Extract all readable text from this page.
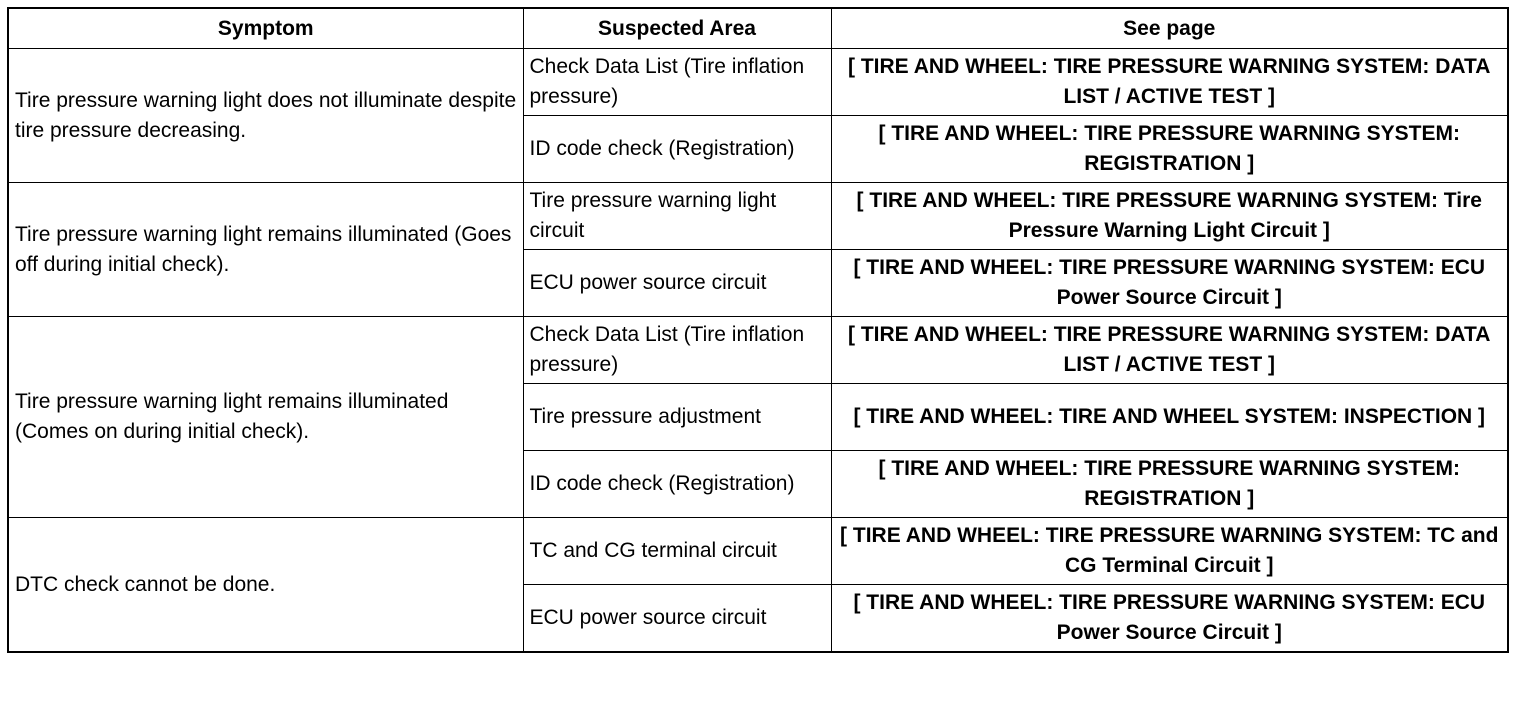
Symptom	Suspected Area	See page
Tire pressure warning light does not illuminate despite tire pressure decreasing.	Check Data List (Tire inflation pressure)	[ TIRE AND WHEEL: TIRE PRESSURE WARNING SYSTEM: DATA LIST / ACTIVE TEST ]
	ID code check (Registration)	[ TIRE AND WHEEL: TIRE PRESSURE WARNING SYSTEM: REGISTRATION ]
Tire pressure warning light remains illuminated (Goes off during initial check).	Tire pressure warning light circuit	[ TIRE AND WHEEL: TIRE PRESSURE WARNING SYSTEM: Tire Pressure Warning Light Circuit ]
	ECU power source circuit	[ TIRE AND WHEEL: TIRE PRESSURE WARNING SYSTEM: ECU Power Source Circuit ]
Tire pressure warning light remains illuminated (Comes on during initial check).	Check Data List (Tire inflation pressure)	[ TIRE AND WHEEL: TIRE PRESSURE WARNING SYSTEM: DATA LIST / ACTIVE TEST ]
	Tire pressure adjustment	[ TIRE AND WHEEL: TIRE AND WHEEL SYSTEM: INSPECTION ]
	ID code check (Registration)	[ TIRE AND WHEEL: TIRE PRESSURE WARNING SYSTEM: REGISTRATION ]
DTC check cannot be done.	TC and CG terminal circuit	[ TIRE AND WHEEL: TIRE PRESSURE WARNING SYSTEM: TC and CG Terminal Circuit ]
	ECU power source circuit	[ TIRE AND WHEEL: TIRE PRESSURE WARNING SYSTEM: ECU Power Source Circuit ]
